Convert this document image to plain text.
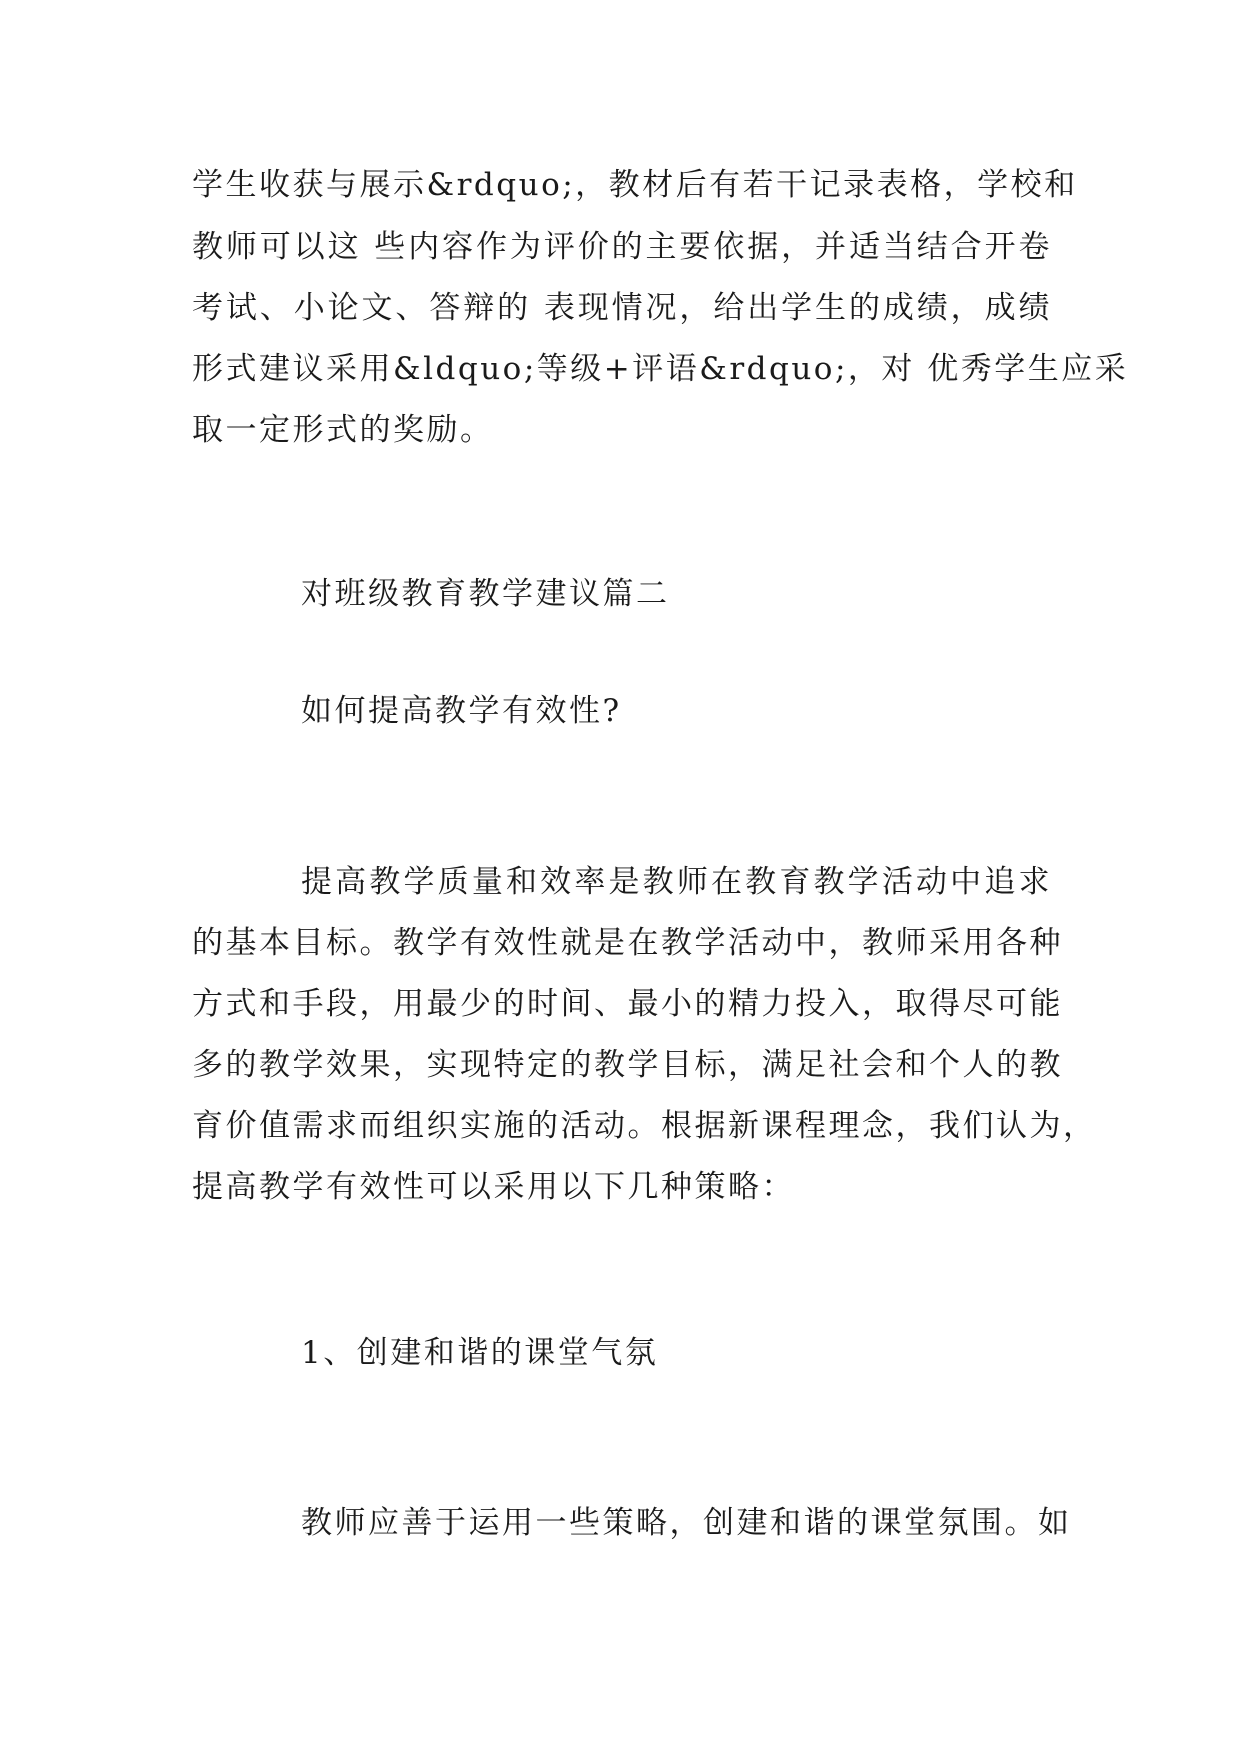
学生收获与展示&rdquo;，教材后有若干记录表格，学校和
教师可以这 些内容作为评价的主要依据，并适当结合开卷
考试、小论文、答辩的 表现情况，给出学生的成绩，成绩
形式建议采用&ldquo;等级+评语&rdquo;，对 优秀学生应采
取一定形式的奖励。
对班级教育教学建议篇二
如何提高教学有效性?
提高教学质量和效率是教师在教育教学活动中追求
的基本目标。教学有效性就是在教学活动中，教师采用各种
方式和手段，用最少的时间、最小的精力投入，取得尽可能
多的教学效果，实现特定的教学目标，满足社会和个人的教
育价值需求而组织实施的活动。根据新课程理念，我们认为，
提高教学有效性可以采用以下几种策略：
1、创建和谐的课堂气氛
教师应善于运用一些策略，创建和谐的课堂氛围。如
